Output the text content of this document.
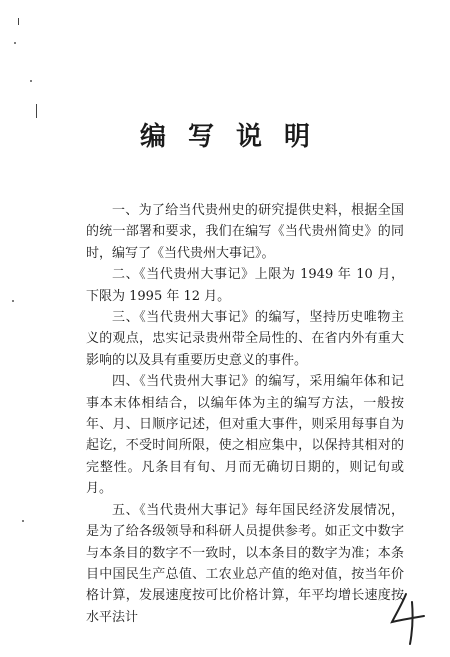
编写说明

一、为了给当代贵州史的研究提供史料，根据全国的统一部署和要求，我们在编写《当代贵州简史》的同时，编写了《当代贵州大事记》。

二、《当代贵州大事记》上限为 1949 年 10 月，下限为 1995 年 12 月。

三、《当代贵州大事记》的编写，坚持历史唯物主义的观点，忠实记录贵州带全局性的、在省内外有重大影响的以及具有重要历史意义的事件。

四、《当代贵州大事记》的编写，采用编年体和记事本末体相结合，以编年体为主的编写方法，一般按年、月、日顺序记述，但对重大事件，则采用每事自为起讫，不受时间所限，使之相应集中，以保持其相对的完整性。凡条目有旬、月而无确切日期的，则记旬或月。

五、《当代贵州大事记》每年国民经济发展情况，是为了给各级领导和科研人员提供参考。如正文中数字与本条目的数字不一致时，以本条目的数字为准；本条目中国民生产总值、工农业总产值的绝对值，按当年价格计算，发展速度按可比价格计算，年平均增长速度按水平法计
